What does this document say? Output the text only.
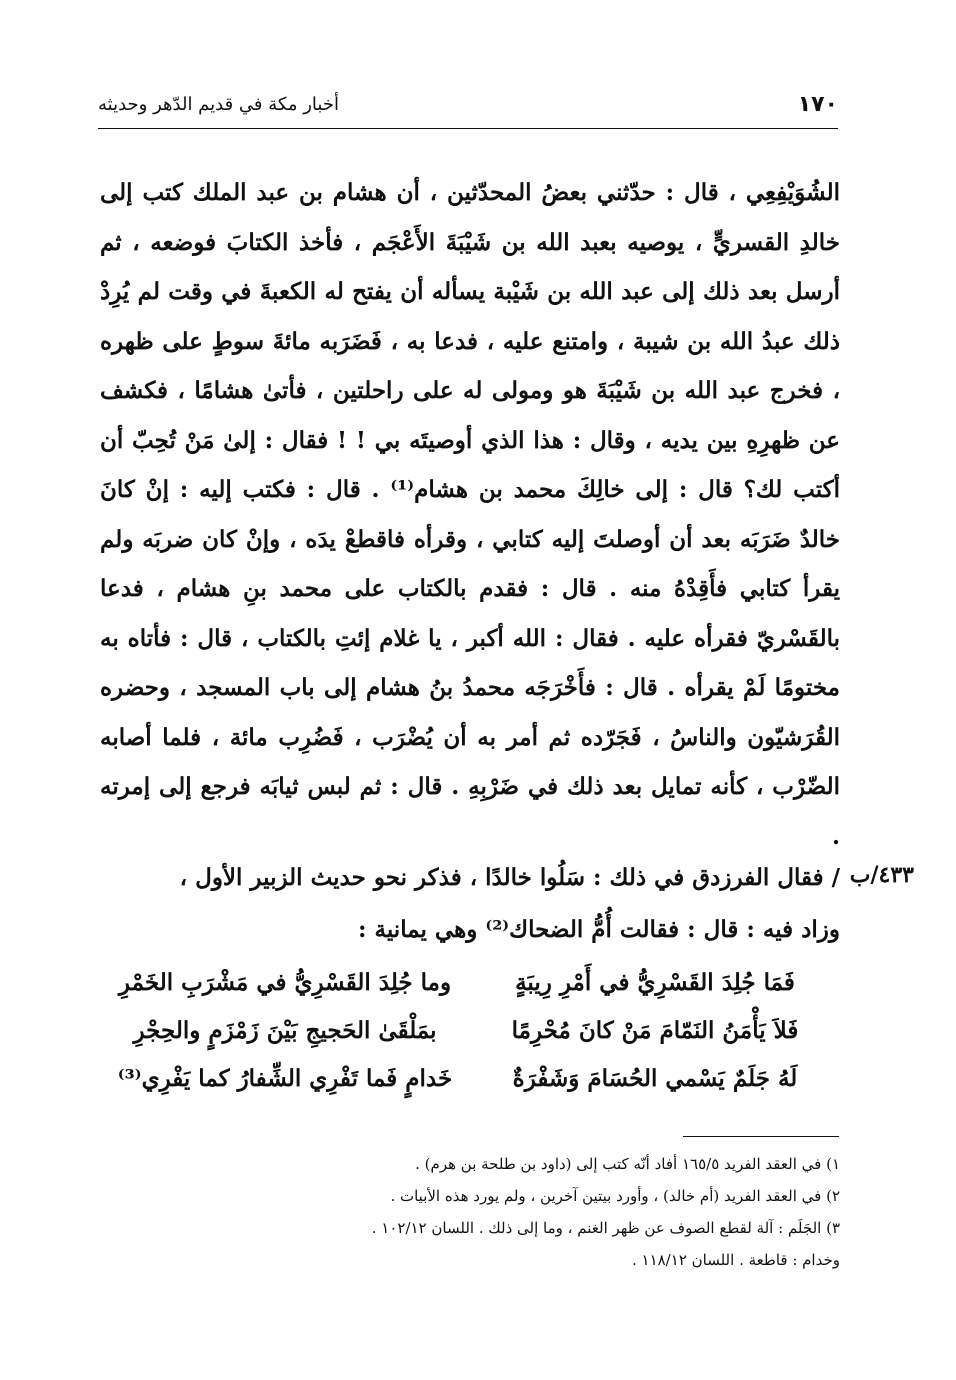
١٧٠
أخبار مكة في قديم الدّهر وحديثه

الشُوَيْفِعِي ، قال : حدّثني بعضُ المحدّثين ، أن هشام بن عبد الملك كتب إلى خالدِ القسريٍّ ، يوصيه بعبد الله بن شَيْبَةَ الأَعْجَم ، فأخذ الكتابَ فوضعه ، ثم أرسل بعد ذلك إلى عبد الله بن شَيْبة يسأله أن يفتح له الكعبةَ في وقت لم يُرِدْ ذلك عبدُ الله بن شيبة ، وامتنع عليه ، فدعا به ، فَضَرَبه مائةَ سوطٍ على ظهره ، فخرج عبد الله بن شَيْبَةَ هو ومولى له على راحلتين ، فأتىٰ هشامًا ، فكشف عن ظهرِهِ بين يديه ، وقال : هذا الذي أوصيتَه بي ! ! فقال : إلىٰ مَنْ تُحِبّ أن أكتب لك؟ قال : إلى خالِكَ محمد بن هشام⁽¹⁾ . قال : فكتب إليه : إنْ كانَ خالدٌ ضَرَبَه بعد أن أوصلتَ إليه كتابي ، وقرأه فاقطعْ يدَه ، وإنْ كان ضربَه ولم يقرأ كتابي فأَقِدْهُ منه . قال : فقدم بالكتاب على محمد بنِ هشام ، فدعا بالقَسْريّ فقرأه عليه . فقال : الله أكبر ، يا غلام إئتِ بالكتاب ، قال : فأتاه به مختومًا لَمْ يقرأه . قال : فأَخْرَجَه محمدُ بنُ هشام إلى باب المسجد ، وحضره القُرَشيّون والناسُ ، فَجَرّده ثم أمر به أن يُضْرَب ، فَضُرِب مائة ، فلما أصابه الضّرْب ، كأنه تمايل بعد ذلك في ضَرْبِهِ . قال : ثم لبس ثيابَه فرجع إلى إمرته .

٤٣٣/ب

/ فقال الفرزدق في ذلك : سَلُوا خالدًا ، فذكر نحو حديث الزبير الأول ،

وزاد فيه : قال : فقالت أُمُّ الضحاك⁽²⁾ وهي يمانية :

فَمَا جُلِدَ القَسْرِيُّ في أَمْرِ رِيبَةٍ
وما جُلِدَ القَسْرِيُّ في مَشْرَبِ الخَمْرِ
فَلاَ يَأْمَنُ النَمّامَ مَنْ كانَ مُحْرِمًا
بمَلْقَىٰ الحَجيجِ بَيْنَ زَمْزَمٍ والحِجْرِ
لَهُ جَلَمٌ يَسْمي الحُسَامَ وَشَفْرَةٌ
خَدامٍ فَما تَفْرِي الشِّفارُ كما يَفْرِي⁽³⁾

١) في العقد الفريد ١٦٥/٥ أفاد أنّه كتب إلى (داود بن طلحة بن هرم) .

٢) في العقد الفريد (أم خالد) ، وأورد بيتين آخرين ، ولم يورد هذه الأبيات .

٣) الجَلَم : آلة لقطع الصوف عن ظهر الغنم ، وما إلى ذلك . اللسان ١٠٢/١٢ .

وخدام : قاطعة . اللسان ١١٨/١٢ .
